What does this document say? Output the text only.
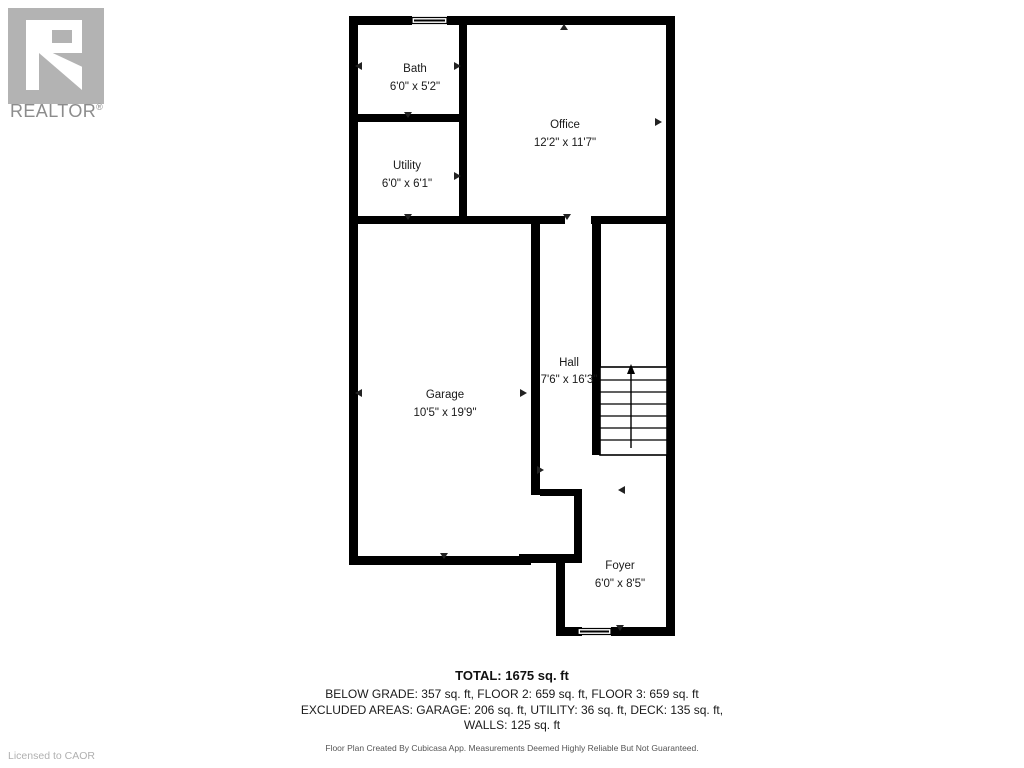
REALTOR®
Bath
6'0" x 5'2"
Office
12'2" x 11'7"
Utility
6'0" x 6'1"
Garage
10'5" x 19'9"
Hall
7'6" x 16'3"
Foyer
6'0" x 8'5"
TOTAL: 1675 sq. ft
BELOW GRADE: 357 sq. ft, FLOOR 2: 659 sq. ft, FLOOR 3: 659 sq. ft
EXCLUDED AREAS: GARAGE: 206 sq. ft, UTILITY: 36 sq. ft, DECK: 135 sq. ft,
WALLS: 125 sq. ft
Floor Plan Created By Cubicasa App. Measurements Deemed Highly Reliable But Not Guaranteed.
Licensed to CAOR
